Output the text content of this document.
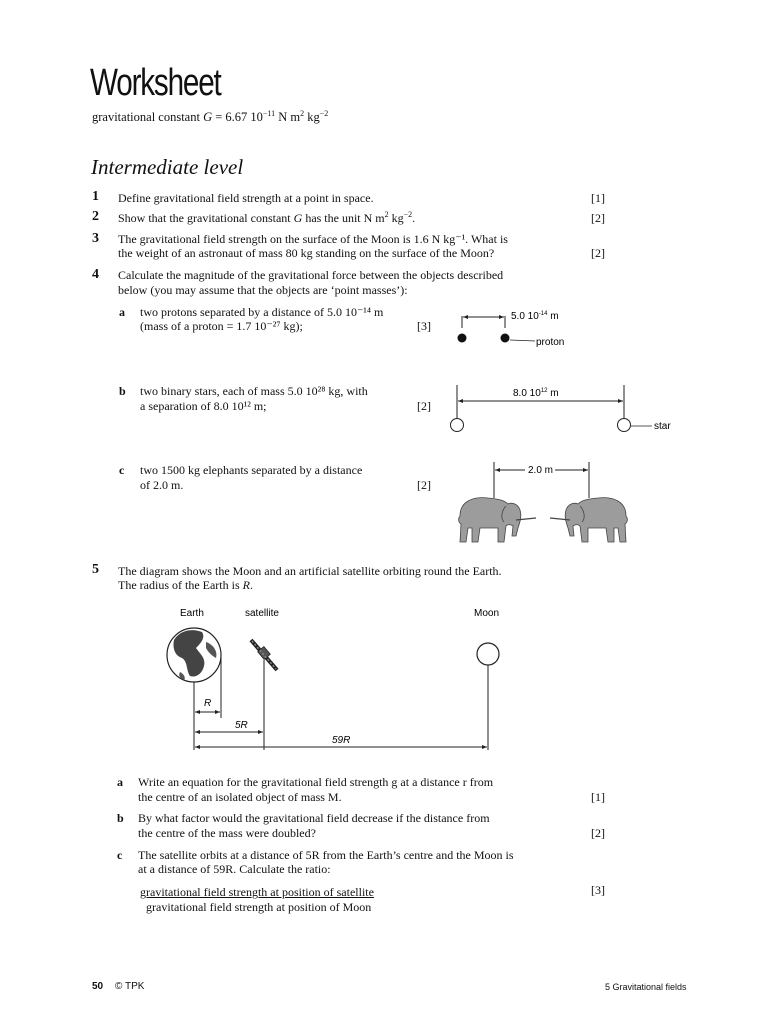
Worksheet
gravitational constant G = 6.67 $10^{-11}$ N $m^2$ $kg^{-2}$
Intermediate level
1 Define gravitational field strength at a point in space.	[1]
2 Show that the gravitational constant G has the unit N $m^2$ $kg^{-2}$.	[2]
3 The gravitational field strength on the surface of the Moon is 1.6 N kg⁻¹. What is
the weight of an astronaut of mass 80 kg standing on the surface of the Moon?	[2]
4 Calculate the magnitude of the gravitational force between the objects described
below (you may assume that the objects are ‘point masses’):
a two protons separated by a distance of 5.0 10⁻¹⁴ m
(mass of a proton = 1.7 10⁻²⁷ kg);	[3]
b two binary stars, each of mass 5.0 10²⁸ kg, with
a separation of 8.0 10¹² m;	[2]
c two 1500 kg elephants separated by a distance
of 2.0 m.	[2]
5.0 $10^{-14}$ m
proton
8.0 $10^{12}$ m
star
2.0 m
5 The diagram shows the Moon and an artificial satellite orbiting round the Earth.
The radius of the Earth is R.
Earth	satellite	Moon
R
5R
59R
a Write an equation for the gravitational field strength g at a distance r from
the centre of an isolated object of mass M.	[1]
b By what factor would the gravitational field decrease if the distance from
the centre of the mass were doubled?	[2]
c The satellite orbits at a distance of 5R from the Earth’s centre and the Moon is
at a distance of 59R. Calculate the ratio:
gravitational field strength at position of satellite
gravitational field strength at position of Moon
[3]
50 © TPK	5 Gravitational fields
